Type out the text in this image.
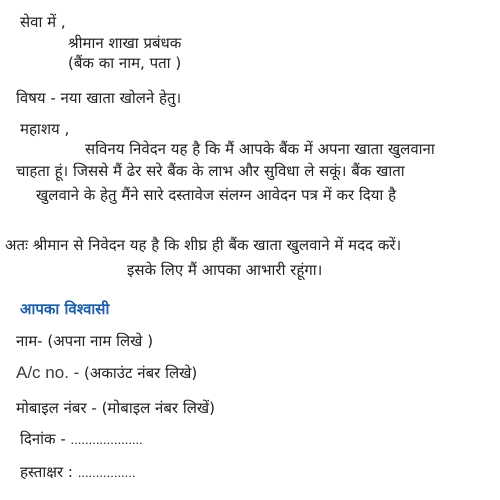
सेवा में ,
श्रीमान शाखा प्रबंधक
(बैंक का नाम, पता )
विषय - नया खाता खोलने हेतु।
महाशय ,
सविनय निवेदन यह है कि मैं आपके बैंक में अपना खाता खुलवाना
चाहता हूं। जिससे मैं ढेर सरे बैंक के लाभ और सुविधा ले सकूं। बैंक खाता
खुलवाने के हेतु मैंने सारे दस्तावेज संलग्न आवेदन पत्र में कर दिया है
अतः श्रीमान से निवेदन यह है कि शीघ्र ही बैंक खाता खुलवाने में मदद करें।
इसके लिए मैं आपका आभारी रहूंगा।
आपका विश्वासी
नाम- (अपना नाम लिखे )
A/c no. - (अकाउंट नंबर लिखे)
मोबाइल नंबर - (मोबाइल नंबर लिखें)
दिनांक - ....................
हस्ताक्षर : ................
